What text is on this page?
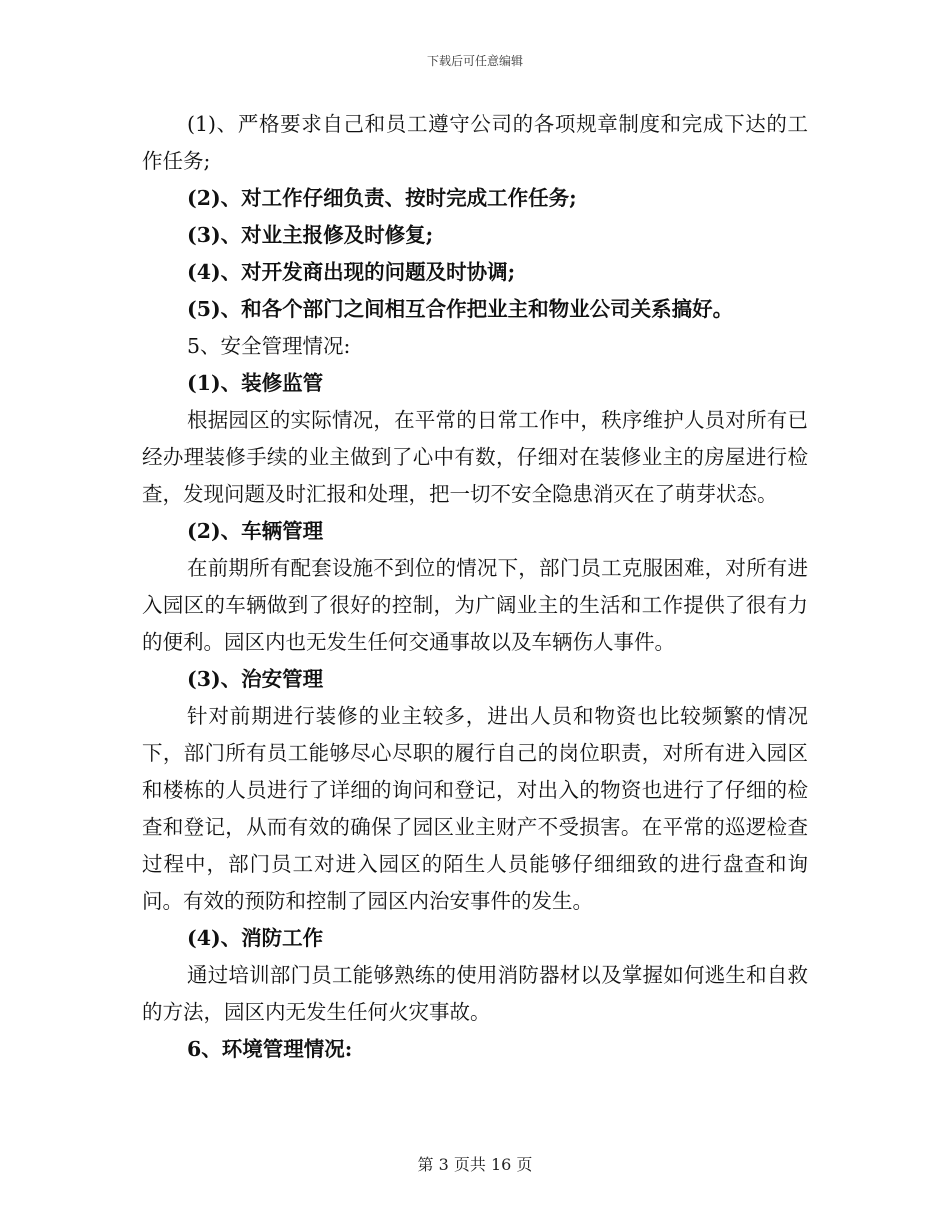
下载后可任意编辑

(1)、严格要求自己和员工遵守公司的各项规章制度和完成下达的工作任务;

(2)、对工作仔细负责、按时完成工作任务;

(3)、对业主报修及时修复;

(4)、对开发商出现的问题及时协调;

(5)、和各个部门之间相互合作把业主和物业公司关系搞好。

5、安全管理情况:

(1)、装修监管

根据园区的实际情况，在平常的日常工作中，秩序维护人员对所有已经办理装修手续的业主做到了心中有数，仔细对在装修业主的房屋进行检查，发现问题及时汇报和处理，把一切不安全隐患消灭在了萌芽状态。

(2)、车辆管理

在前期所有配套设施不到位的情况下，部门员工克服困难，对所有进入园区的车辆做到了很好的控制，为广阔业主的生活和工作提供了很有力的便利。园区内也无发生任何交通事故以及车辆伤人事件。

(3)、治安管理

针对前期进行装修的业主较多，进出人员和物资也比较频繁的情况下，部门所有员工能够尽心尽职的履行自己的岗位职责，对所有进入园区和楼栋的人员进行了详细的询问和登记，对出入的物资也进行了仔细的检查和登记，从而有效的确保了园区业主财产不受损害。在平常的巡逻检查过程中，部门员工对进入园区的陌生人员能够仔细细致的进行盘查和询问。有效的预防和控制了园区内治安事件的发生。

(4)、消防工作

通过培训部门员工能够熟练的使用消防器材以及掌握如何逃生和自救的方法，园区内无发生任何火灾事故。

6、环境管理情况:

第 3 页共 16 页
